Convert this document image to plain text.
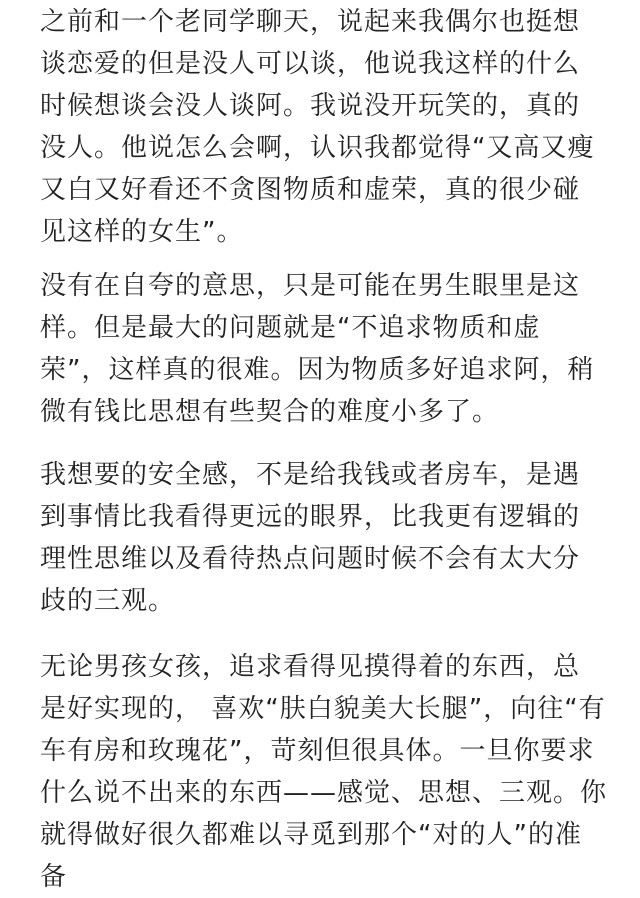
之前和一个老同学聊天，说起来我偶尔也挺想
谈恋爱的但是没人可以谈，他说我这样的什么
时候想谈会没人谈阿。我说没开玩笑的，真的
没人。他说怎么会啊，认识我都觉得“又高又瘦
又白又好看还不贪图物质和虚荣，真的很少碰
见这样的女生”。
没有在自夸的意思，只是可能在男生眼里是这
样。但是最大的问题就是“不追求物质和虚
荣”，这样真的很难。因为物质多好追求阿，稍
微有钱比思想有些契合的难度小多了。
我想要的安全感，不是给我钱或者房车，是遇
到事情比我看得更远的眼界，比我更有逻辑的
理性思维以及看待热点问题时候不会有太大分
歧的三观。
无论男孩女孩，追求看得见摸得着的东西，总
是好实现的， 喜欢“肤白貌美大长腿”，向往“有
车有房和玫瑰花”，苛刻但很具体。一旦你要求
什么说不出来的东西——感觉、思想、三观。你
就得做好很久都难以寻觅到那个“对的人”的准
备
